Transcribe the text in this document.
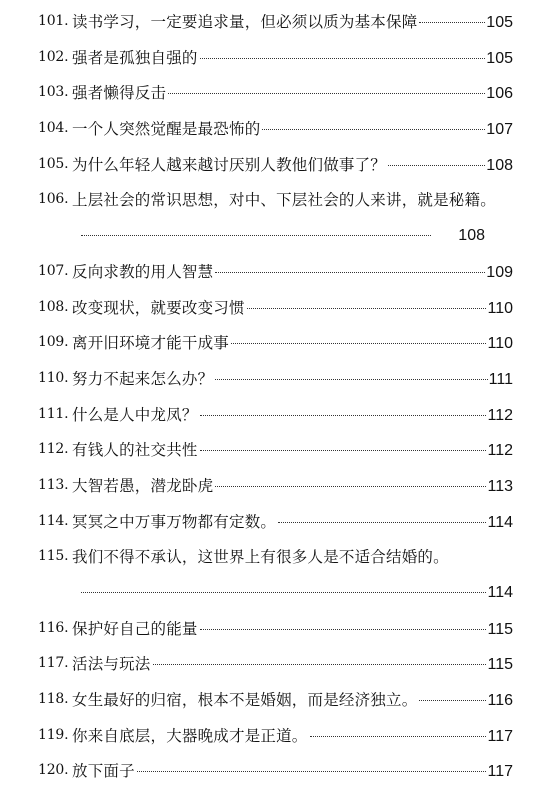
101. 读书学习，一定要追求量，但必须以质为基本保障	105
102. 强者是孤独自强的	105
103. 强者懒得反击	106
104. 一个人突然觉醒是最恐怖的	107
105. 为什么年轻人越来越讨厌别人教他们做事了？	108
106. 上层社会的常识思想，对中、下层社会的人来讲，就是秘籍。
108
107. 反向求教的用人智慧	109
108. 改变现状，就要改变习惯	110
109. 离开旧环境才能干成事	110
110. 努力不起来怎么办？	111
111. 什么是人中龙凤？	112
112. 有钱人的社交共性	112
113. 大智若愚，潜龙卧虎	113
114. 冥冥之中万事万物都有定数。	114
115. 我们不得不承认，这世界上有很多人是不适合结婚的。
114
116. 保护好自己的能量	115
117. 活法与玩法	115
118. 女生最好的归宿，根本不是婚姻，而是经济独立。	116
119. 你来自底层，大器晚成才是正道。	117
120. 放下面子	117
